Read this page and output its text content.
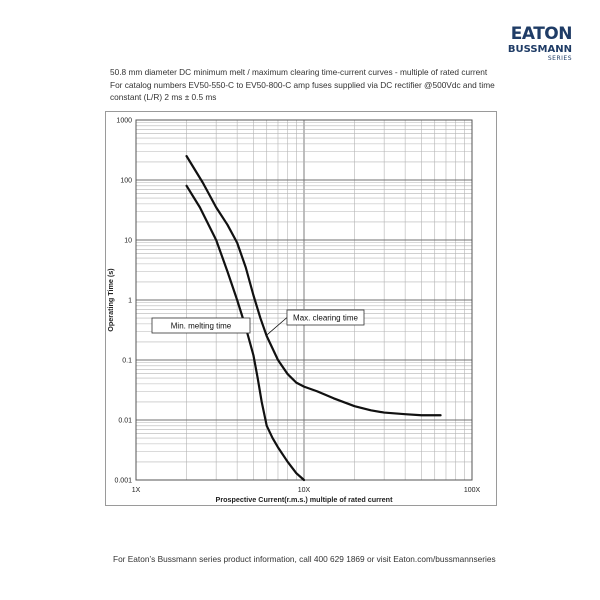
EATON
BUSSMANN
SERIES
50.8 mm diameter DC minimum melt / maximum clearing time-current curves - multiple of rated current
For catalog numbers EV50-550-C to EV50-800-C amp fuses supplied via DC rectifier @500Vdc and time
constant (L/R) 2 ms ± 0.5 ms
Min. melting time
Max. clearing time
1X	10X	100X
0.001
0.01
0.1
1
10
100
1000
Prospective Current(r.m.s.) multiple of rated current
Operating Time (s)
For Eaton’s Bussmann series product information, call 400 629 1869 or visit Eaton.com/bussmannseries
